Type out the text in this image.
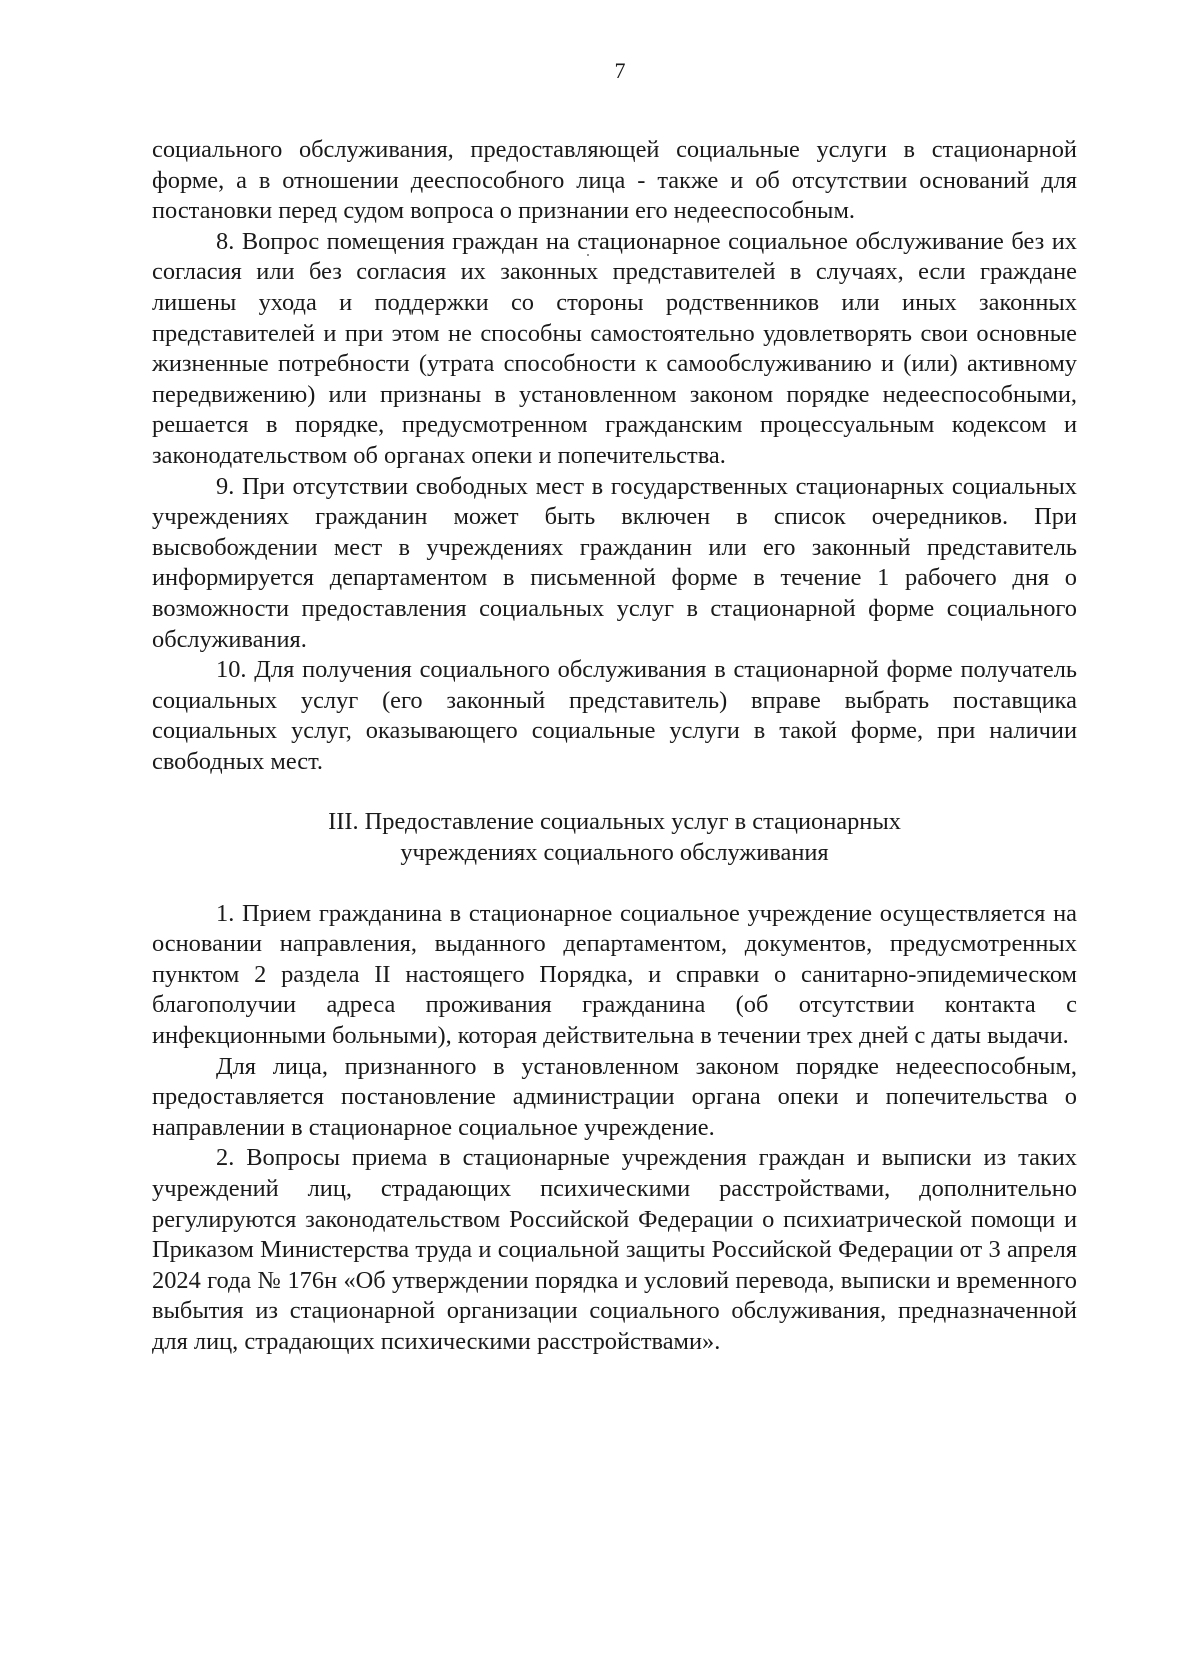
7

социального обслуживания, предоставляющей социальные услуги в стационарной форме, а в отношении дееспособного лица - также и об отсутствии оснований для постановки перед судом вопроса о признании его недееспособным.

8. Вопрос помещения граждан на стационарное социальное обслуживание без их согласия или без согласия их законных представителей в случаях, если граждане лишены ухода и поддержки со стороны родственников или иных законных представителей и при этом не способны самостоятельно удовлетворять свои основные жизненные потребности (утрата способности к самообслуживанию и (или) активному передвижению) или признаны в установленном законом порядке недееспособными, решается в порядке, предусмотренном гражданским процессуальным кодексом и законодательством об органах опеки и попечительства.

9. При отсутствии свободных мест в государственных стационарных социальных учреждениях гражданин может быть включен в список очередников. При высвобождении мест в учреждениях гражданин или его законный представитель информируется департаментом в письменной форме в течение 1 рабочего дня о возможности предоставления социальных услуг в стационарной форме социального обслуживания.

10. Для получения социального обслуживания в стационарной форме получатель социальных услуг (его законный представитель) вправе выбрать поставщика социальных услуг, оказывающего социальные услуги в такой форме, при наличии свободных мест.

III. Предоставление социальных услуг в стационарных

учреждениях социального обслуживания

1. Прием гражданина в стационарное социальное учреждение осуществляется на основании направления, выданного департаментом, документов, предусмотренных пунктом 2 раздела II настоящего Порядка, и справки о санитарно-эпидемическом благополучии адреса проживания гражданина (об отсутствии контакта с инфекционными больными), которая действительна в течении трех дней с даты выдачи.

Для лица, признанного в установленном законом порядке недееспособным, предоставляется постановление администрации органа опеки и попечительства о направлении в стационарное социальное учреждение.

2. Вопросы приема в стационарные учреждения граждан и выписки из таких учреждений лиц, страдающих психическими расстройствами, дополнительно регулируются законодательством Российской Федерации о психиатрической помощи и Приказом Министерства труда и социальной защиты Российской Федерации от 3 апреля 2024 года № 176н «Об утверждении порядка и условий перевода, выписки и временного выбытия из стационарной организации социального обслуживания, предназначенной для лиц, страдающих психическими расстройствами».
